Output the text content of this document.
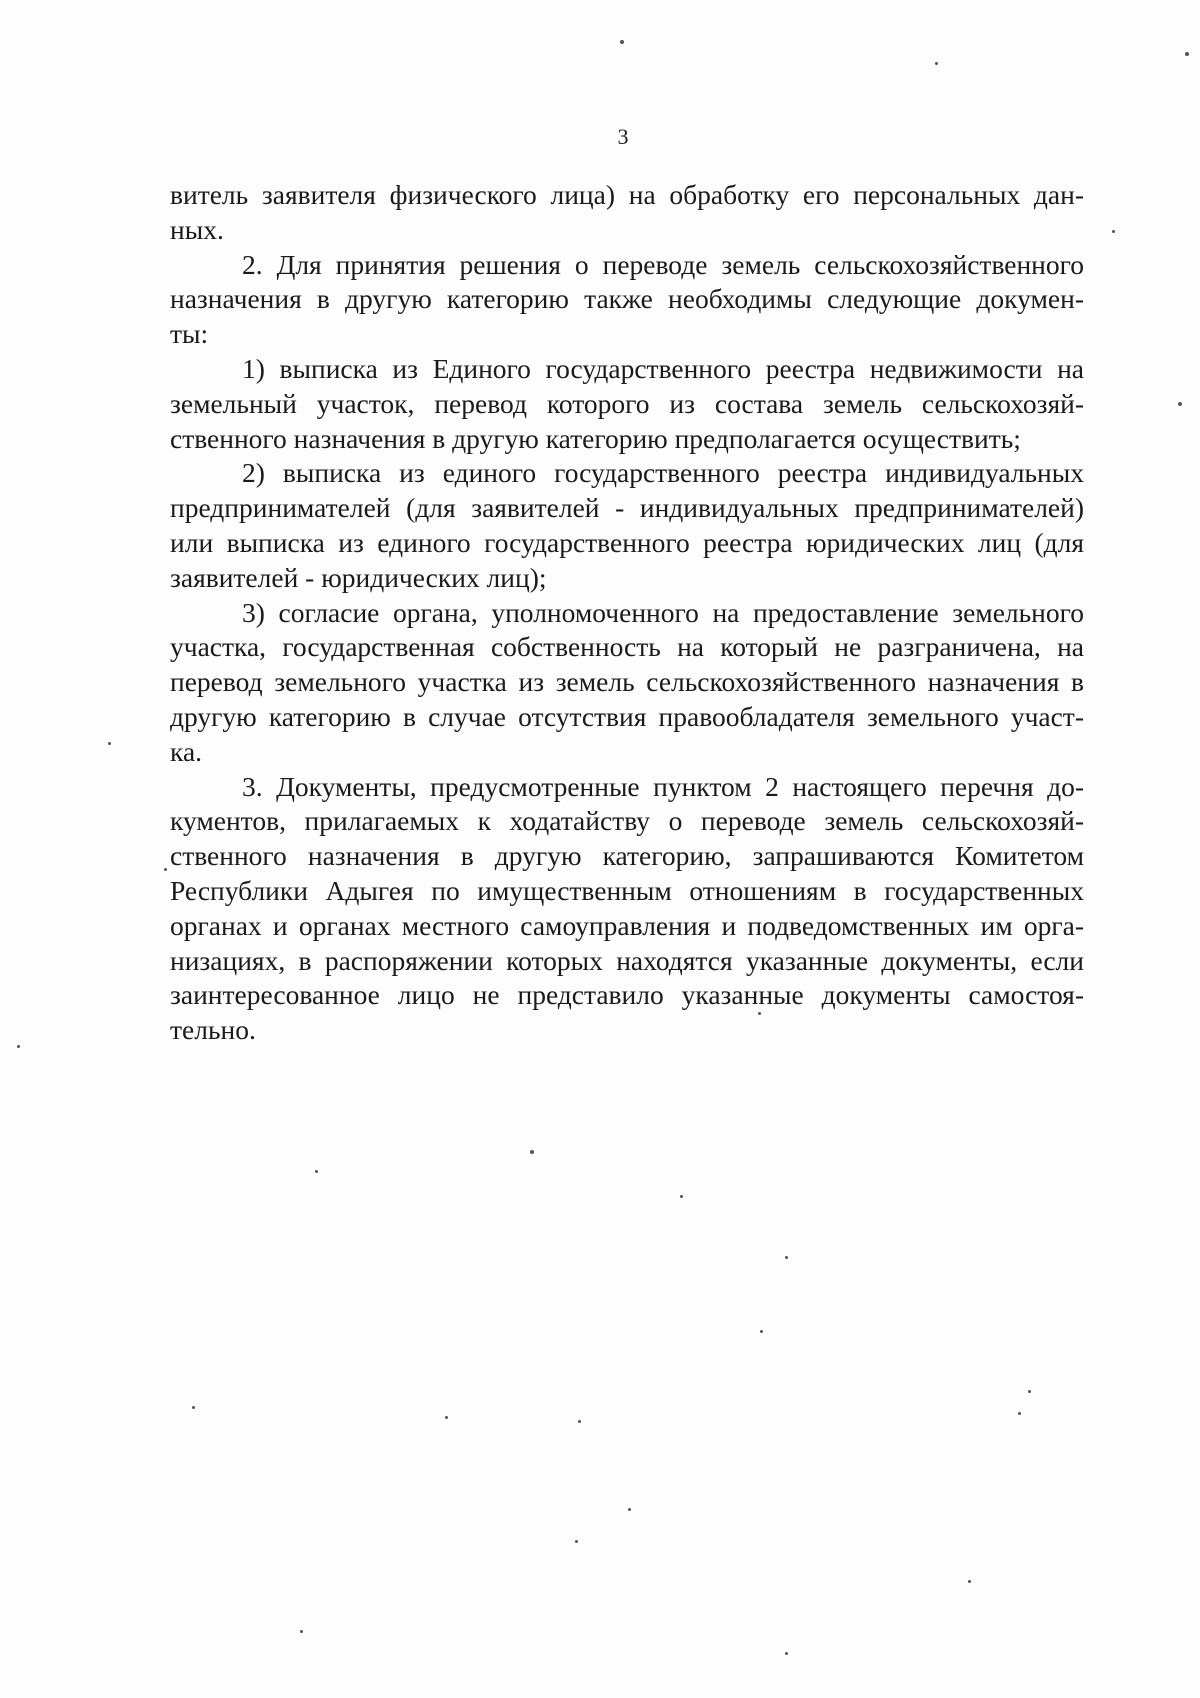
3
витель заявителя физического лица) на обработку его персональных дан-
ных.
2. Для принятия решения о переводе земель сельскохозяйственного
назначения в другую категорию также необходимы следующие докумен-
ты:
1) выписка из Единого государственного реестра недвижимости на
земельный участок, перевод которого из состава земель сельскохозяй-
ственного назначения в другую категорию предполагается осуществить;
2) выписка из единого государственного реестра индивидуальных
предпринимателей (для заявителей - индивидуальных предпринимателей)
или выписка из единого государственного реестра юридических лиц (для
заявителей - юридических лиц);
3) согласие органа, уполномоченного на предоставление земельного
участка, государственная собственность на который не разграничена, на
перевод земельного участка из земель сельскохозяйственного назначения в
другую категорию в случае отсутствия правообладателя земельного участ-
ка.
3. Документы, предусмотренные пунктом 2 настоящего перечня до-
кументов, прилагаемых к ходатайству о переводе земель сельскохозяй-
ственного назначения в другую категорию, запрашиваются Комитетом
Республики Адыгея по имущественным отношениям в государственных
органах и органах местного самоуправления и подведомственных им орга-
низациях, в распоряжении которых находятся указанные документы, если
заинтересованное лицо не представило указанные документы самостоя-
тельно.
